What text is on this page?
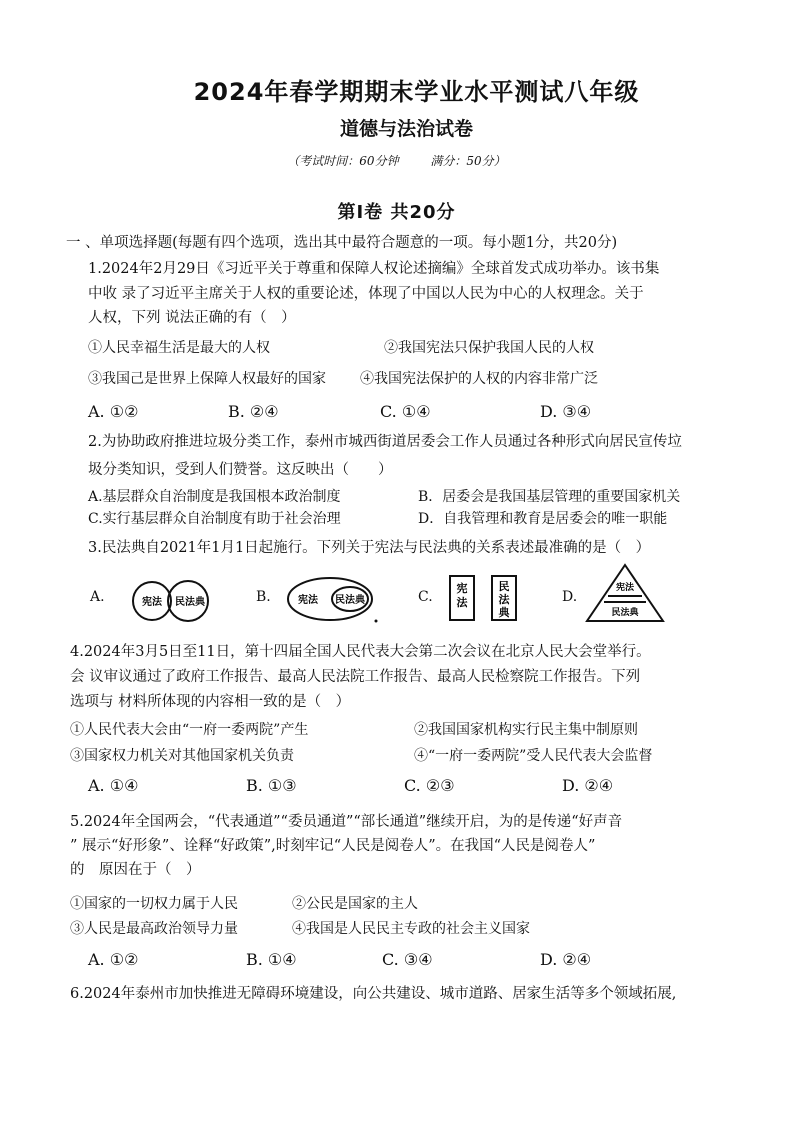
2024年春学期期末学业水平测试八年级
道德与法治试卷
（考试时间：60分钟	满分：50分）
第Ⅰ卷 共20分
一 、单项选择题(每题有四个选项，选出其中最符合题意的一项。每小题1分，共20分)
1.2024年2月29日《习近平关于尊重和保障人权论述摘编》全球首发式成功举办。该书集
中收 录了习近平主席关于人权的重要论述，体现了中国以人民为中心的人权理念。关于
人权，下列 说法正确的有（　）
①人民幸福生活是最大的人权	②我国宪法只保护我国人民的人权
③我国己是世界上保障人权最好的国家 ④我国宪法保护的人权的内容非常广泛
A. ①②	B. ②④	C. ①④	D. ③④
2.为协助政府推进垃圾分类工作，泰州市城西街道居委会工作人员通过各种形式向居民宣传垃
圾分类知识，受到人们赞誉。这反映出（　　）
A.基层群众自治制度是我国根本政治制度	B．居委会是我国基层管理的重要国家机关
C.实行基层群众自治制度有助于社会治理	D．自我管理和教育是居委会的唯一职能
3.民法典自2021年1月1日起施行。下列关于宪法与民法典的关系表述最准确的是（　）
A.	宪法 民法典	B.	宪法 民法典	C.
宪
法
民
法
典
D.
宪法
民法典
4.2024年3月5日至11日，第十四届全国人民代表大会第二次会议在北京人民大会堂举行。
会 议审议通过了政府工作报告、最高人民法院工作报告、最高人民检察院工作报告。下列
选项与 材料所体现的内容相一致的是（　）
①人民代表大会由“一府一委两院”产生	②我国国家机构实行民主集中制原则
③国家权力机关对其他国家机关负责	④“一府一委两院”受人民代表大会监督
A. ①④	B. ①③	C. ②③	D. ②④
5.2024年全国两会，“代表通道”“委员通道”“部长通道”继续开启，为的是传递“好声音
” 展示“好形象”、诠释“好政策”,时刻牢记“人民是阅卷人”。在我国“人民是阅卷人”
的　原因在于（　）
①国家的一切权力属于人民	②公民是国家的主人
③人民是最高政治领导力量	④我国是人民民主专政的社会主义国家
A. ①②	B. ①④	C. ③④	D. ②④
6.2024年泰州市加快推进无障碍环境建设，向公共建设、城市道路、居家生活等多个领域拓展,
